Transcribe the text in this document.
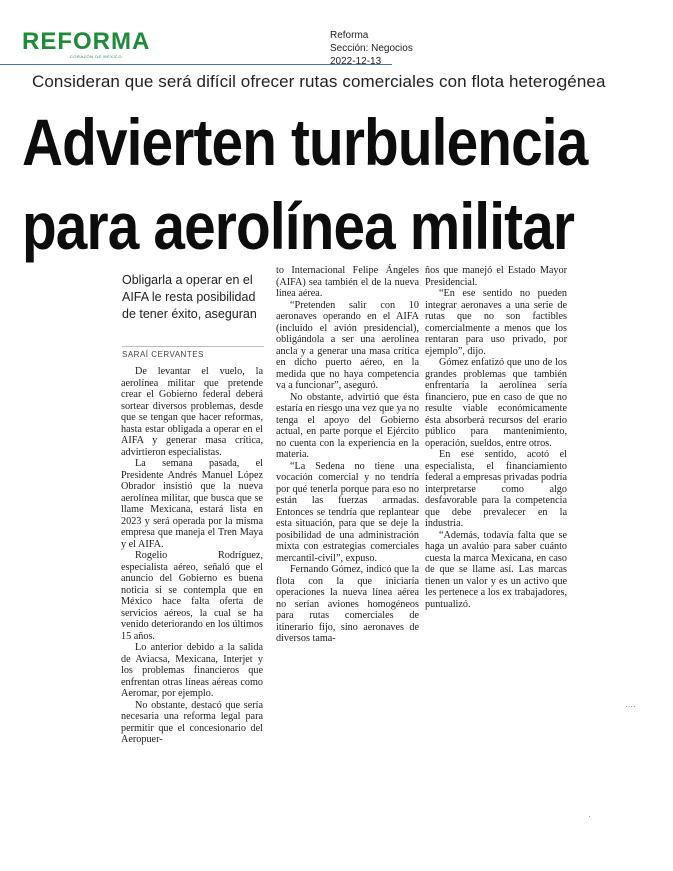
REFORMA
CORAZÓN DE MÉXICO
Reforma
Sección: Negocios
2022-12-13
Consideran que será difícil ofrecer rutas comerciales con flota heterogénea
Advierten turbulencia
para aerolínea militar
Obligarla a operar en el AIFA le resta posibilidad de tener éxito, aseguran
SARAÍ CERVANTES

De levantar el vuelo, la aerolínea militar que pretende crear el Gobierno federal deberá sortear diversos problemas, desde que se tengan que hacer reformas, hasta estar obligada a operar en el AIFA y generar masa crítica, advirtieron especialistas.

La semana pasada, el Presidente Andrés Manuel López Obrador insistió que la nueva aerolínea militar, que busca que se llame Mexicana, estará lista en 2023 y será operada por la misma empresa que maneja el Tren Maya y el AIFA.

Rogelio Rodríguez, especialista aéreo, señaló que el anuncio del Gobierno es buena noticia si se contempla que en México hace falta oferta de servicios aéreos, la cual se ha venido deteriorando en los últimos 15 años.

Lo anterior debido a la salida de Aviacsa, Mexicana, Interjet y los problemas financieros que enfrentan otras líneas aéreas como Aeromar, por ejemplo.

No obstante, destacó que sería necesaria una reforma legal para permitir que el concesionario del Aeropuer-

to Internacional Felipe Ángeles (AIFA) sea también el de la nueva línea aérea.

“Pretenden salir con 10 aeronaves operando en el AIFA (incluido el avión presidencial), obligándola a ser una aerolínea ancla y a generar una masa crítica en dicho puerto aéreo, en la medida que no haya competencia va a funcionar”, aseguró.

No obstante, advirtió que ésta estaría en riesgo una vez que ya no tenga el apoyo del Gobierno actual, en parte porque el Ejército no cuenta con la experiencia en la materia.

“La Sedena no tiene una vocación comercial y no tendría por qué tenerla porque para eso no están las fuerzas armadas. Entonces se tendría que replantear esta situación, para que se deje la posibilidad de una administración mixta con estrategias comerciales mercantil-civil”, expuso.

Fernando Gómez, indicó que la flota con la que iniciaría operaciones la nueva línea aérea no serían aviones homogéneos para rutas comerciales de itinerario fijo, sino aeronaves de diversos tama-

ños que manejó el Estado Mayor Presidencial.

“En ese sentido no pueden integrar aeronaves a una serie de rutas que no son factibles comercialmente a menos que los rentaran para uso privado, por ejemplo”, dijo.

Gómez enfatizó que uno de los grandes problemas que también enfrentaría la aerolínea sería financiero, pue en caso de que no resulte viable económicamente ésta absorberá recursos del erario público para mantenimiento, operación, sueldos, entre otros.

En ese sentido, acotó el especialista, el financiamiento federal a empresas privadas podría interpretarse como algo desfavorable para la competencia que debe prevalecer en la industria.

“Además, todavía falta que se haga un avalúo para saber cuánto cuesta la marca Mexicana, en caso de que se llame así. Las marcas tienen un valor y es un activo que les pertenece a los ex trabajadores, puntualizó.

····
·
